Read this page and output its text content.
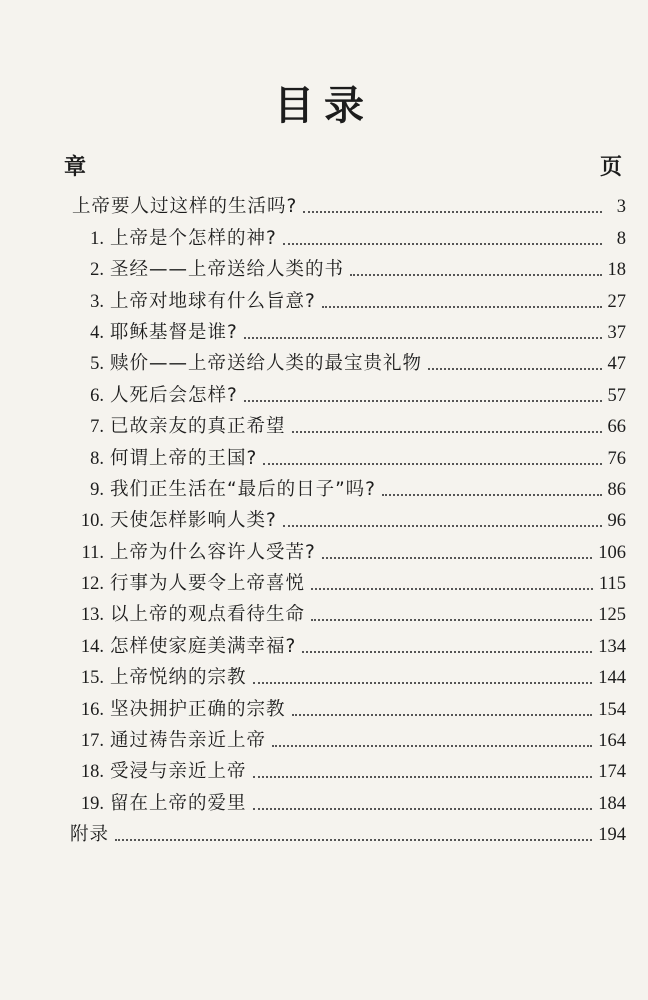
目录
章	页
上帝要人过这样的生活吗?	3
1. 上帝是个怎样的神?	8
2. 圣经——上帝送给人类的书	18
3. 上帝对地球有什么旨意?	27
4. 耶稣基督是谁?	37
5. 赎价——上帝送给人类的最宝贵礼物	47
6. 人死后会怎样?	57
7. 已故亲友的真正希望	66
8. 何谓上帝的王国?	76
9. 我们正生活在“最后的日子”吗?	86
10. 天使怎样影响人类?	96
11. 上帝为什么容许人受苦?	106
12. 行事为人要令上帝喜悦	115
13. 以上帝的观点看待生命	125
14. 怎样使家庭美满幸福?	134
15. 上帝悦纳的宗教	144
16. 坚决拥护正确的宗教	154
17. 通过祷告亲近上帝	164
18. 受浸与亲近上帝	174
19. 留在上帝的爱里	184
附录	194
